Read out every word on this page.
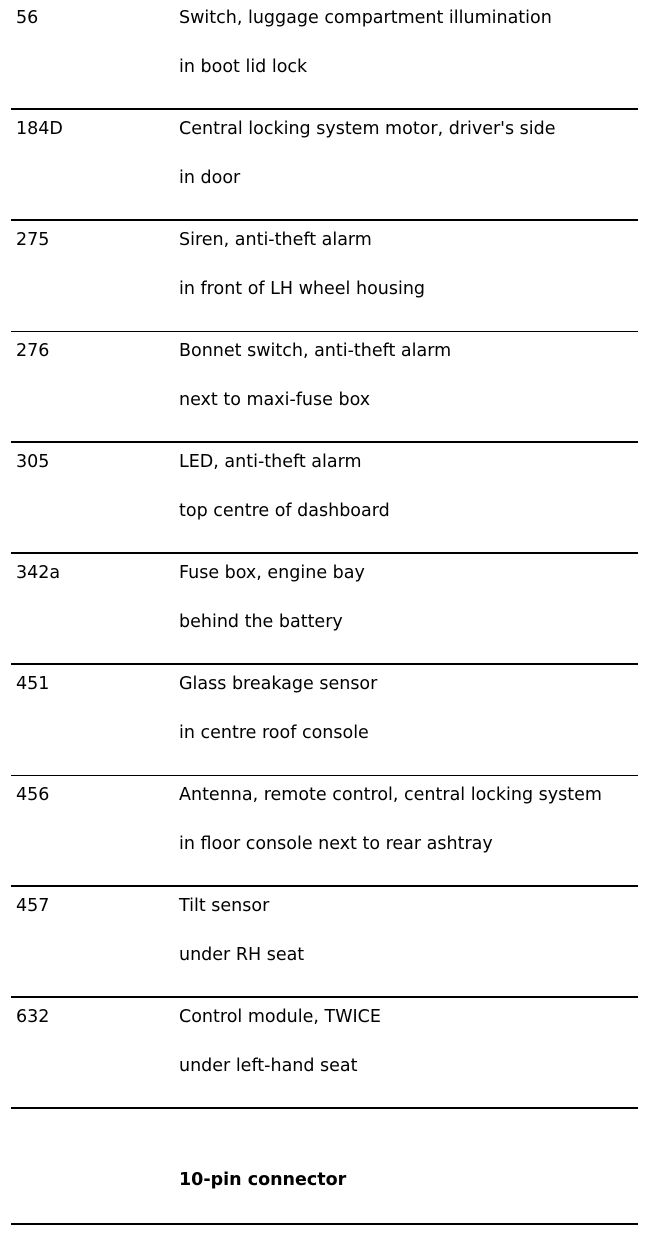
56	Switch, luggage compartment illumination
in boot lid lock
184D	Central locking system motor, driver's side
in door
275	Siren, anti-theft alarm
in front of LH wheel housing
276	Bonnet switch, anti-theft alarm
next to maxi-fuse box
305	LED, anti-theft alarm
top centre of dashboard
342a	Fuse box, engine bay
behind the battery
451	Glass breakage sensor
in centre roof console
456	Antenna, remote control, central locking system
in floor console next to rear ashtray
457	Tilt sensor
under RH seat
632	Control module, TWICE
under left-hand seat
10-pin connector
